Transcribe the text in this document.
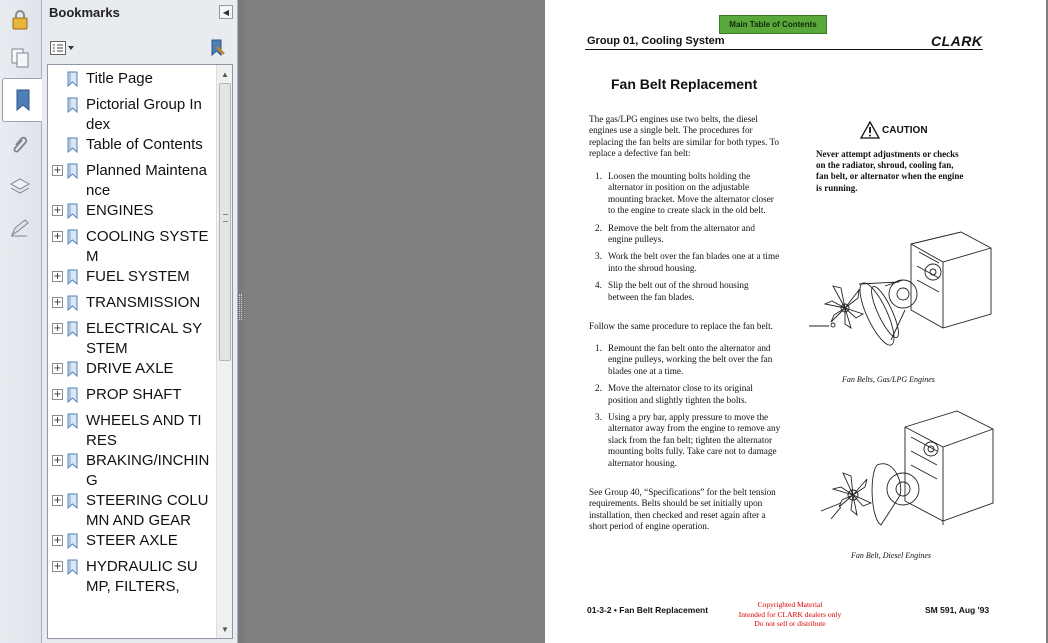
Bookmarks	◀
Title Page
Pictorial Group Index
Table of Contents
+ Planned Maintenance
+ ENGINES
+ COOLING SYSTEM
+ FUEL SYSTEM
+ TRANSMISSION
+ ELECTRICAL SYSTEM
+ DRIVE AXLE
+ PROP SHAFT
+ WHEELS AND TIRES
+ BRAKING/INCHING
+ STEERING COLUMN AND GEAR
+ STEER AXLE
+ HYDRAULIC SUMP, FILTERS,
▲
▼
Main Table of Contents
Group 01, Cooling System	CLARK
Fan Belt Replacement
The gas/LPG engines use two belts, the diesel engines use a single belt. The procedures for replacing the fan belts are similar for both types. To replace a defective fan belt:
1. Loosen the mounting bolts holding the alternator in position on the adjustable mounting bracket. Move the alternator closer to the engine to create slack in the old belt.
2. Remove the belt from the alternator and engine pulleys.
3. Work the belt over the fan blades one at a time into the shroud housing.
4. Slip the belt out of the shroud housing between the fan blades.
Follow the same procedure to replace the fan belt.
1. Remount the fan belt onto the alternator and engine pulleys, working the belt over the fan blades one at a time.
2. Move the alternator close to its original position and slightly tighten the bolts.
3. Using a pry bar, apply pressure to move the alternator away from the engine to remove any slack from the fan belt; tighten the alternator mounting bolts fully. Take care not to damage alternator housing.
See Group 40, “Specifications” for the belt tension requirements. Belts should be set initially upon installation, then checked and reset again after a short period of engine operation.
CAUTION
Never attempt adjustments or checks on the radiator, shroud, cooling fan, fan belt, or alternator when the engine is running.
Fan Belts, Gas/LPG Engines
Fan Belt, Diesel Engines
01-3-2 • Fan Belt Replacement
Copyrighted Material
Intended for CLARK dealers only
Do not sell or distribute
SM 591, Aug '93
